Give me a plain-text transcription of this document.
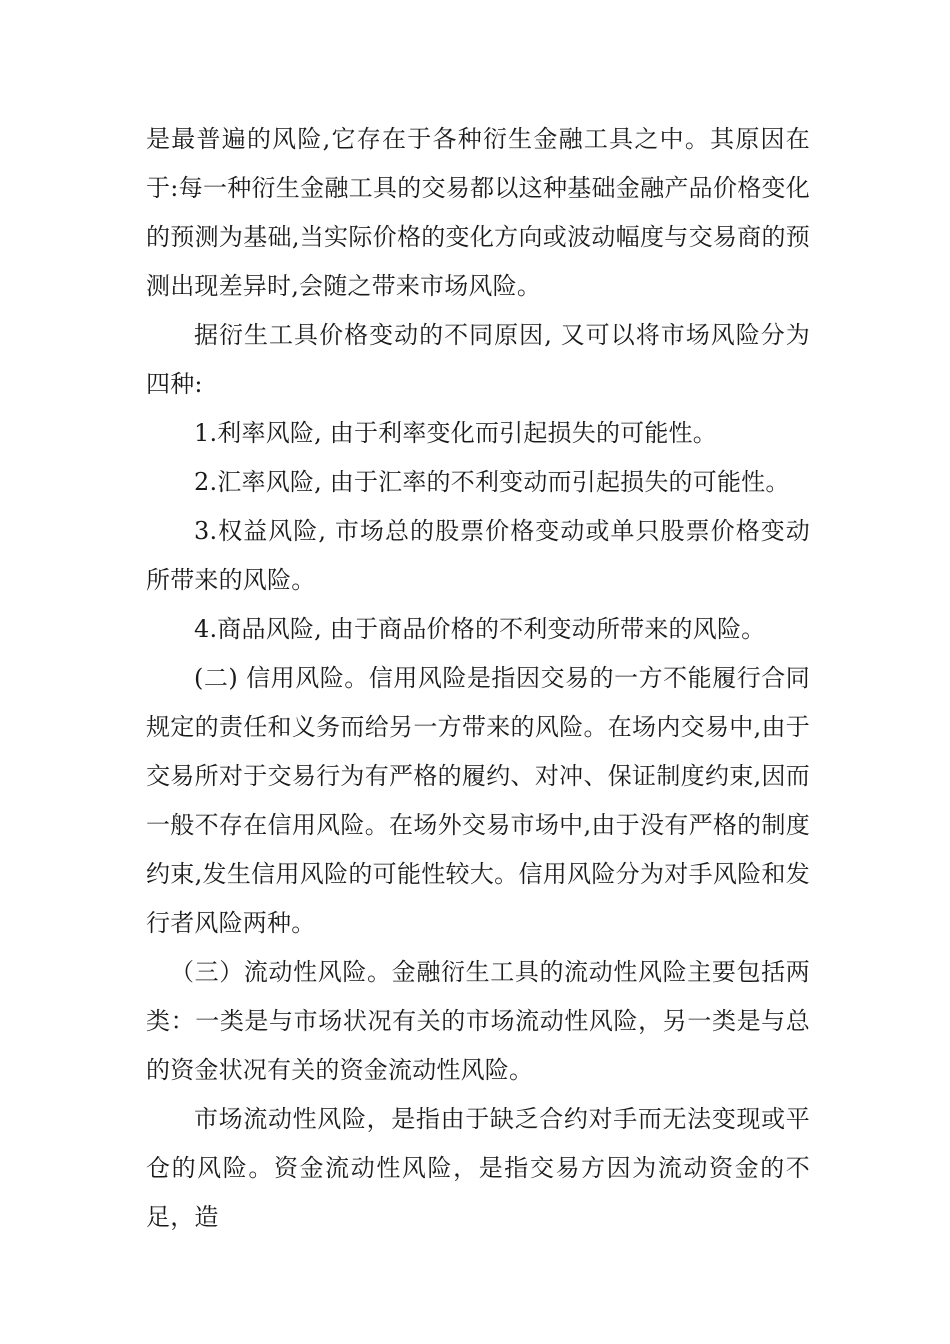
是最普遍的风险,它存在于各种衍生金融工具之中。其原因在于:每一种衍生金融工具的交易都以这种基础金融产品价格变化的预测为基础,当实际价格的变化方向或波动幅度与交易商的预测出现差异时,会随之带来市场风险。

据衍生工具价格变动的不同原因, 又可以将市场风险分为四种:

1.利率风险, 由于利率变化而引起损失的可能性。

2.汇率风险, 由于汇率的不利变动而引起损失的可能性。

3.权益风险, 市场总的股票价格变动或单只股票价格变动所带来的风险。

4.商品风险, 由于商品价格的不利变动所带来的风险。

(二) 信用风险。信用风险是指因交易的一方不能履行合同规定的责任和义务而给另一方带来的风险。在场内交易中,由于交易所对于交易行为有严格的履约、对冲、保证制度约束,因而一般不存在信用风险。在场外交易市场中,由于没有严格的制度约束,发生信用风险的可能性较大。信用风险分为对手风险和发行者风险两种。

（三）流动性风险。金融衍生工具的流动性风险主要包括两类：一类是与市场状况有关的市场流动性风险，另一类是与总的资金状况有关的资金流动性风险。

市场流动性风险，是指由于缺乏合约对手而无法变现或平仓的风险。资金流动性风险，是指交易方因为流动资金的不足，造
